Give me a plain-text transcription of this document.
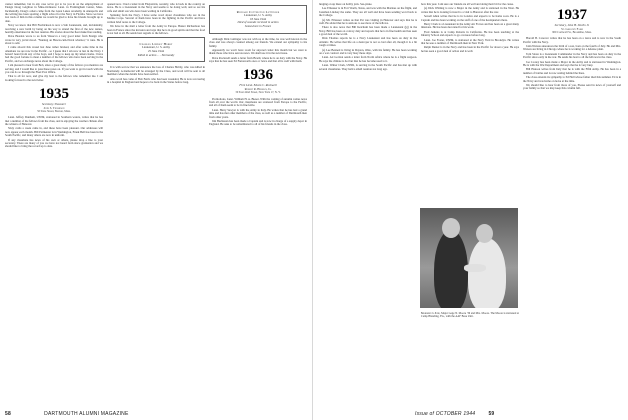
cannot remember, but in any case we've got to be you in on the employment of Ensign Doug Leighton in Mine-Ordnance Lieut. in Framingham Center, Mass. Incidentally, Doug's orders came from the Great Lakes Academy in Annapolis and the writing has been spotting a flight school for the Navy in Florida. Since we have lost track of him in this column we would be glad to have his friends brought up to date.

Navy we know that Bill Fredrickson is now a Sub Lieutenant, and, incidentally, receiving a new berth by being on his way to attend the first of the new testers, heartily entertained at the last reunion. His stories about the fleet make fine reading.

Dave Headon wrote to us from Wasacca a very good letter from Ensign who wrote in very jovial mood. "Nursing an Hawai-cum-Naval whatnot," it runs. He is about to add.

I came aboard this vessel last June rather bruised, and after some time in the Aleutians we are now in the Pacific - so I guess that I am now at last in the Navy. I haven't heard from any of the boys, and I hope to keep up my letters home. I have had the good fortune to meet a number of the fellows who have been serving in the Pacific, and we exchange news about the College.

I am pleased to hear from Bob, since a great many of the fellows you mention are serving, and I would like to pass these notes on. If you want to get in touch with me you can do so through the Fleet Post Office.

That is all for now, and give my best to the fellows who remember me. I am looking forward to the next letter.

1935
Secretary-Treasurer
John S. Thompson
50 State Street, Boston, Mass.

Lieut. Jeffrey Dunham, USNR, stationed in Southern waters, writes that he has met a number of the fellows from the class, and is enjoying the warmer climate after the winters of Hanover.

Sixty cards a week came in, and these have been pleasant. Our addresses will now appear each month. Bill Parmenter is in Washington, Frank Bell has been in the South Pacific, and many others are now in uniform.

If any classmate has news of his own or others, please drop a line to your secretary. There are many of you we have not heard from since graduation and we should like to bring the record up to date.

opened now. I had a letter from Fitzpatrick, recently, who is back in the country on leave. He is a Lieutenant in the Navy and seems to be doing well, and so are his wife and small son who have been waiting in California.

Spinning from the Navy, I have some word about classmates who are in the Marine Corps. Several of them have been in the fighting in the Pacific and have written brief notes to the College.

We have in the mail a letter from the Army in Europe. Buster Richardson has been in France since the invasion and says that he is in good spirits and that the food is not bad at all. He sends best regards to the fellows.

Charles Lindsey Hobby
Lieutenant, U. S. Army
25 June 1944
Killed in action . . . Normandy

It is with sorrow that we announce the loss of Charles Hobby, who was killed in Normandy. A memorial will be arranged by the Class, and word will be sent to all members when the details have been settled.

Also word has come of Bob Ferris who has been wounded. He is now recovering in a hospital in England and hopes to be back in the States before long.

Richard Cottington Luttinger
Lieutenant, U. S. Army
18 June 1944
Died of wounds received in action
Somewhere in France

Although Dick Luttinger was not with us at the time, he was well known in the class and was always counted among our friends. We extend our sympathy to his family.

Apparently we won't have room for anyone's letter this month but we want to thank those who have sent us news. We shall use it in the next issue.

Dave Rockwell sends a letter from Brazil, where he is on duty with the Navy. He says that he has seen Ed Farnsworth once or twice and that all is well with them.

1936
First Lieut. Edwin C. Rockwell
Robert R. Herman, Jr.
30 East 42nd Street, New York 17, N. Y.

Promotions, Lieut. William H. A. Bieser. With the coming of autumn comes news from all over the world. Our classmates are scattered from Europe to the Pacific, and all of them seem to be in fine fettle.

Lieut. Harry Sawyer is with the Army in Italy. He writes that he has had a grand time and has met other members of the class, as well as a number of Dartmouth men from other years.

Jim Buchanan has been made a Captain and is now in charge of a supply depot in England. He asks to be remembered to all of his friends in the class.

58	DARTMOUTH ALUMNI MAGAZINE

lunging on up there on hobby jack. Sea-plane.

Lee Ellsasser is in Fort Worth, Texas, and was with the Marines on the flight, and Jonathan Lindsay the same. They are all well and have been sending word back to the College.

(a) Mr. Ellsasser writes us that Pat was visiting in Hanover and says that he is well. He added that he is anxious to see more of the fellows.

There is also news that Bill Ketchum has been made a Lieutenant (jg) in the Navy. Bill has been on convoy duty and reports that he is in fine health and has seen a good deal of the world.

Dick Thomas reports he is a Navy Lieutenant and has been on duty in the Atlantic. He writes that life on a destroyer is not so bad after all, though it is a bit rough at times.

(a) Lee Bennett is living in Dayton, Ohio, with his family. He has been working on a war contract and is very busy these days.

Lieut. Art Gordon sends a letter from North Africa where he is a flight surgeon. He says the climate is hot but that he has become used to it.

Lieut. Walter Clark, USNR, is serving in the South Pacific and has met up with several classmates. They held a small reunion not long ago.

how this year. I am sure our friends are all well and doing their bit for the cause.

(a) Dick Whiting is now a Major in the Army and is stationed in the West. He writes that he is looking forward to a visit to Hanover after the war.

Sewell Allen writes that he is in London and expects to be home soon. He is a Captain and has been working on the staff of one of the headquarters there.

Barry Clark is a Lieutenant in the Army Air Forces and has been on a great many missions. He has been decorated for his work.

Fred Jenkins is at Camp Roberts in California. He has been teaching at the Infantry School and expects to go overseas before long.

Lieut. Joe Foster, USNR, is stationed at the Navy Yard in Brooklyn. He writes that he sees a number of Dartmouth men in New York.

Ralph Dexter is in the Navy and has been in the Pacific for about a year. He says he has seen a good deal of action and is well.

Married in June, Major Gage N. Moore '36 and Mrs. Moore. The Moore is stationed at Camp Blanding, Fla., with the AAF Base Unit.
1937
Secretary, John H. Devlin Jr.
St. Gregory Farm
909 Cornwall St., Brookline, Mass.

Harold B. Conover writes that he has been on a leave and is now in the South Pacific with the Navy.

John Watson announces the birth of a son, born on the fourth of July. He and Mrs. Watson are living in Chicago where he is working for a defense plant.

Tom Sloan is a Lieutenant Commander in the Navy and has been on duty in the Pacific since early in the war. He sends his best to all the fellows in the class.

Joe Cooley has been made a Major in the Army and is stationed in Washington. He is with the War Department and says that he is very busy.

Bill Hanson writes from Italy that he is with the Fifth Army. He has been in a number of battles and is now resting behind the lines.

The class extends its sympathy to Ed Hall whose father died this summer. Ed is in the Navy and was home on leave at the time.

We should like to hear from more of you. Please send in news of yourself and your family so that we may keep this column full.

Issue of OCTOBER 1944	59
